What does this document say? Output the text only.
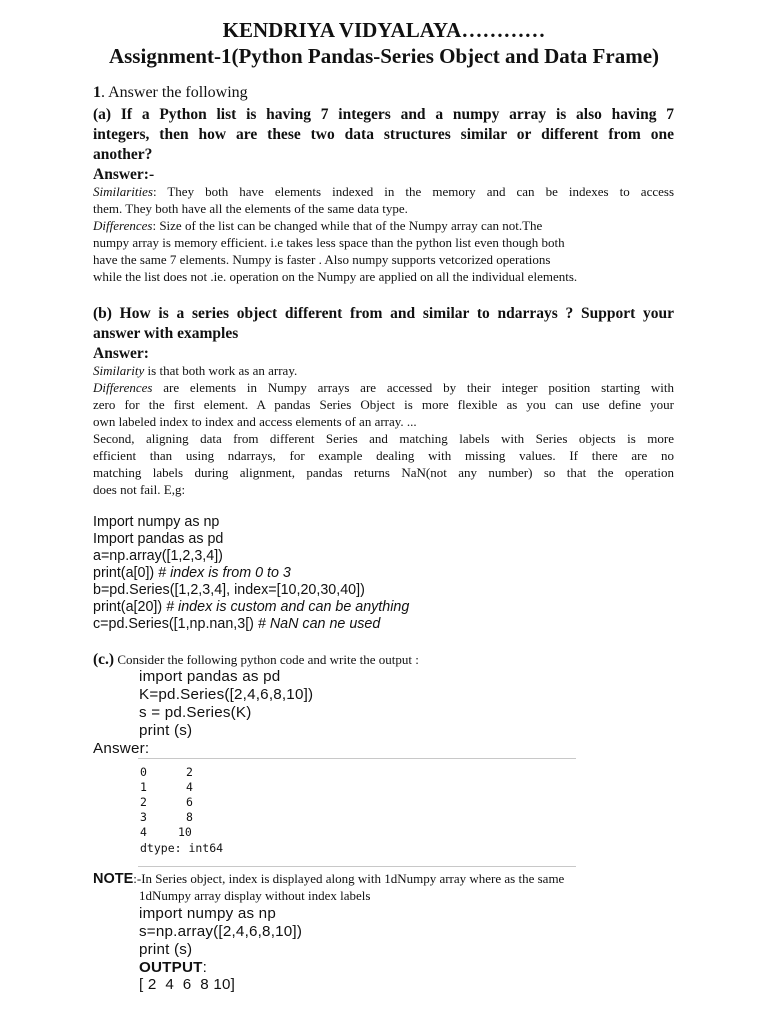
KENDRIYA VIDYALAYA…………
Assignment-1(Python Pandas-Series Object and Data Frame)
1. Answer the following
(a) If a Python list is having 7 integers and a numpy array is also having 7
integers, then how are these two data structures similar or different from one
another?
Answer:-
Similarities: They both have elements indexed in the memory and can be indexes to access
them. They both have all the elements of the same data type.
Differences: Size of the list can be changed while that of the Numpy array can not.The
numpy array is memory efficient. i.e takes less space than the python list even though both
have the same 7 elements. Numpy is faster . Also numpy supports vetcorized operations
while the list does not .ie. operation on the Numpy are applied on all the individual elements.
(b) How is a series object different from and similar to ndarrays ? Support your
answer with examples
Answer:
Similarity is that both work as an array.
Differences are elements in Numpy arrays are accessed by their integer position starting with
zero for the first element. A pandas Series Object is more flexible as you can use define your
own labeled index to index and access elements of an array. ...
Second, aligning data from different Series and matching labels with Series objects is more
efficient than using ndarrays, for example dealing with missing values. If there are no
matching labels during alignment, pandas returns NaN(not any number) so that the operation
does not fail. E,g:
Import numpy as np
Import pandas as pd
a=np.array([1,2,3,4])
print(a[0]) # index is from 0 to 3
b=pd.Series([1,2,3,4], index=[10,20,30,40])
print(a[20]) # index is custom and can be anything
c=pd.Series([1,np.nan,3[) # NaN can ne used
(c.) Consider the following python code and write the output :
import pandas as pd
K=pd.Series([2,4,6,8,10])
s = pd.Series(K)
print (s)
Answer:
0	2
1	4
2	6
3	8
4	10
dtype: int64
NOTE:-In Series object, index is displayed along with 1dNumpy array where as the same
1dNumpy array display without index labels
import numpy as np
s=np.array([2,4,6,8,10])
print (s)
OUTPUT:
[ 2  4  6  8 10]
